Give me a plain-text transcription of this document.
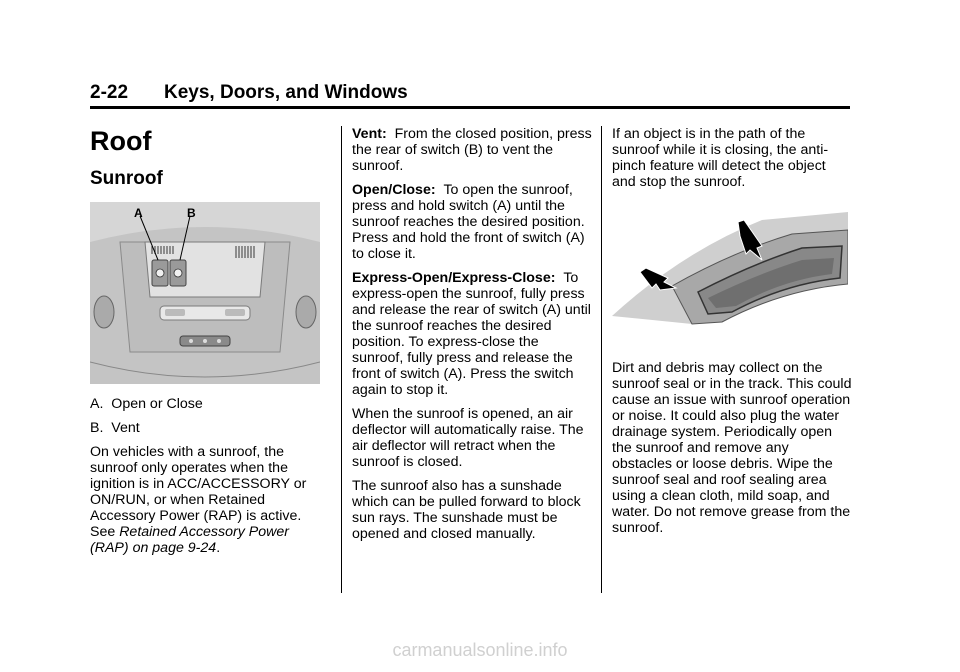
2-22 Keys, Doors, and Windows
Roof
Sunroof
A	B

A.  Open or Close

B.  Vent

On vehicles with a sunroof, the sunroof only operates when the ignition is in ACC/ACCESSORY or ON/RUN, or when Retained Accessory Power (RAP) is active. See Retained Accessory Power (RAP) on page 9-24.

Vent: From the closed position, press the rear of switch (B) to vent the sunroof.

Open/Close: To open the sunroof, press and hold switch (A) until the sunroof reaches the desired position. Press and hold the front of switch (A) to close it.

Express-Open/Express-Close: To express-open the sunroof, fully press and release the rear of switch (A) until the sunroof reaches the desired position. To express-close the sunroof, fully press and release the front of switch (A). Press the switch again to stop it.

When the sunroof is opened, an air deflector will automatically raise. The air deflector will retract when the sunroof is closed.

The sunroof also has a sunshade which can be pulled forward to block sun rays. The sunshade must be opened and closed manually.

If an object is in the path of the sunroof while it is closing, the anti-pinch feature will detect the object and stop the sunroof.

Dirt and debris may collect on the sunroof seal or in the track. This could cause an issue with sunroof operation or noise. It could also plug the water drainage system. Periodically open the sunroof and remove any obstacles or loose debris. Wipe the sunroof seal and roof sealing area using a clean cloth, mild soap, and water. Do not remove grease from the sunroof.

carmanualsonline.info
